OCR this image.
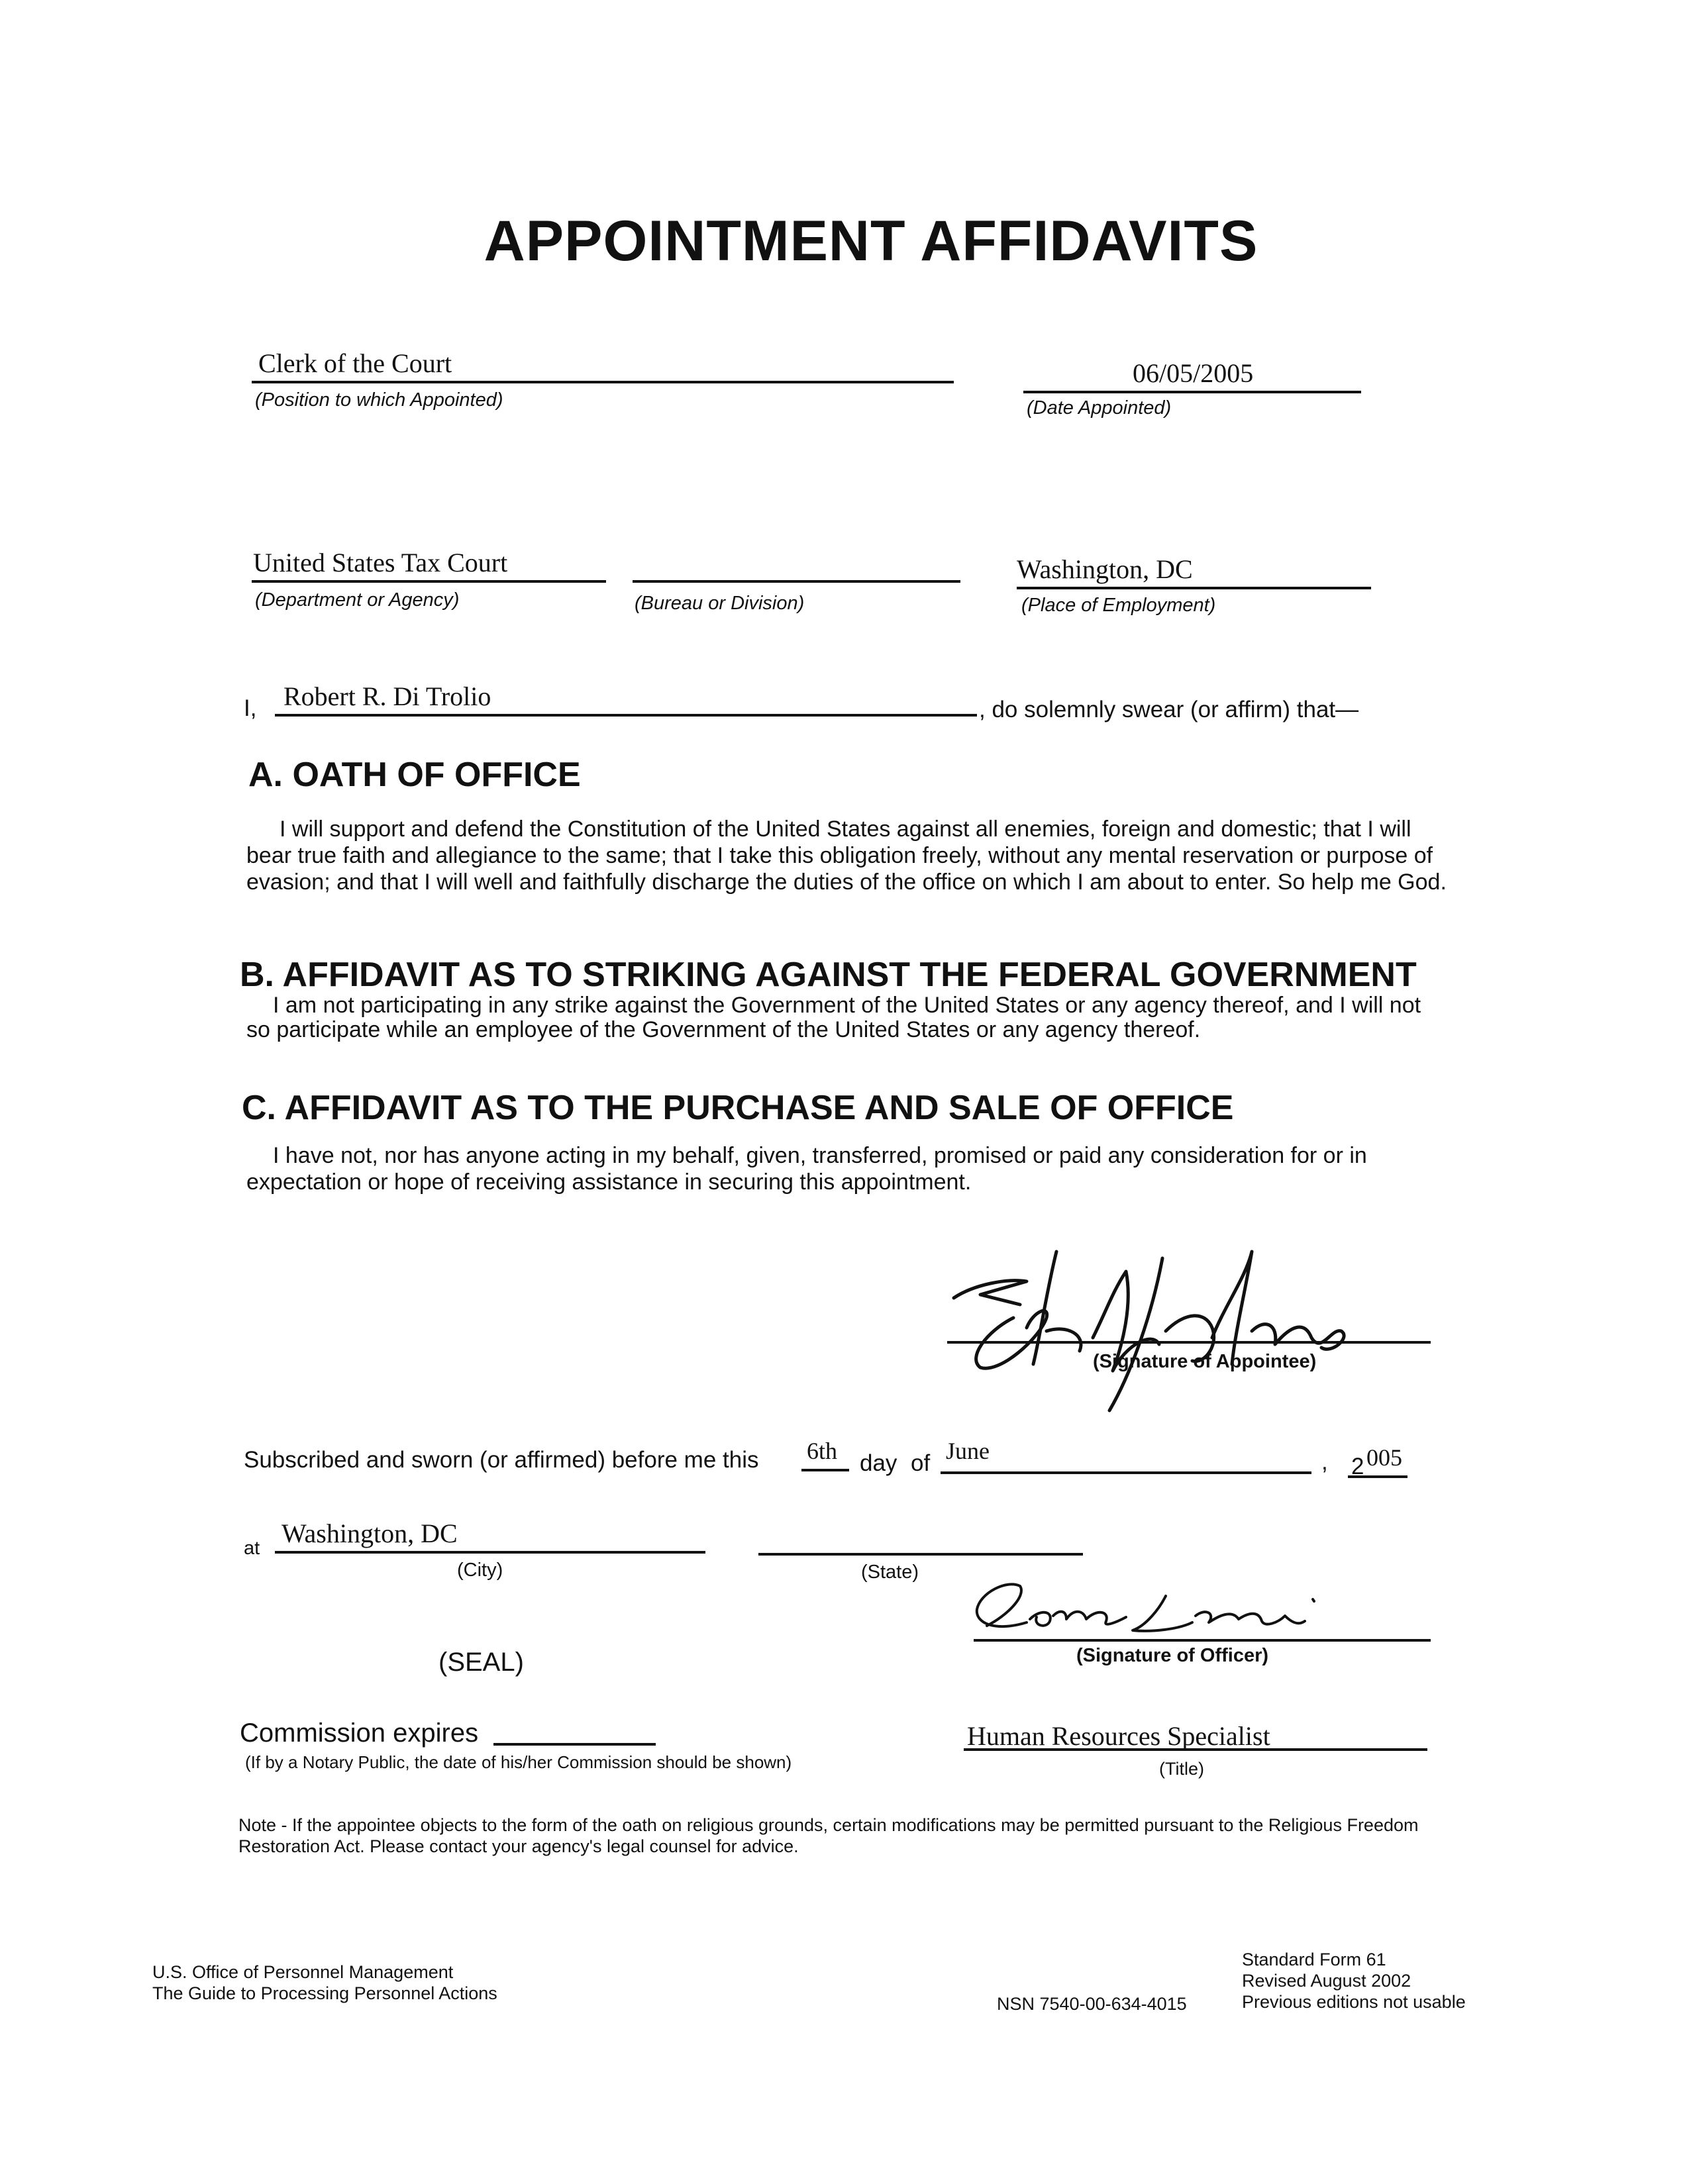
APPOINTMENT AFFIDAVITS
Clerk of the Court
(Position to which Appointed)
06/05/2005
(Date Appointed)
United States Tax Court
(Department or Agency)	(Bureau or Division)
Washington, DC
(Place of Employment)
I, Robert R. Di Trolio	, do solemnly swear (or affirm) that—
A. OATH OF OFFICE
I will support and defend the Constitution of the United States against all enemies, foreign and domestic; that I will bear true faith and allegiance to the same; that I take this obligation freely, without any mental reservation or purpose of evasion; and that I will well and faithfully discharge the duties of the office on which I am about to enter. So help me God.
B. AFFIDAVIT AS TO STRIKING AGAINST THE FEDERAL GOVERNMENT
I am not participating in any strike against the Government of the United States or any agency thereof, and I will not so participate while an employee of the Government of the United States or any agency thereof.
C. AFFIDAVIT AS TO THE PURCHASE AND SALE OF OFFICE
I have not, nor has anyone acting in my behalf, given, transferred, promised or paid any consideration for or in expectation or hope of receiving assistance in securing this appointment.
(Signature of Appointee)
Subscribed and sworn (or affirmed) before me this 6th day of June	, 2 005
at Washington, DC
(City)	(State)
(Signature of Officer)
(SEAL)
Commission expires
(If by a Notary Public, the date of his/her Commission should be shown)
Human Resources Specialist
(Title)
Note - If the appointee objects to the form of the oath on religious grounds, certain modifications may be permitted pursuant to the Religious Freedom Restoration Act. Please contact your agency's legal counsel for advice.
U.S. Office of Personnel Management
The Guide to Processing Personnel Actions
NSN 7540-00-634-4015
Standard Form 61
Revised August 2002
Previous editions not usable
